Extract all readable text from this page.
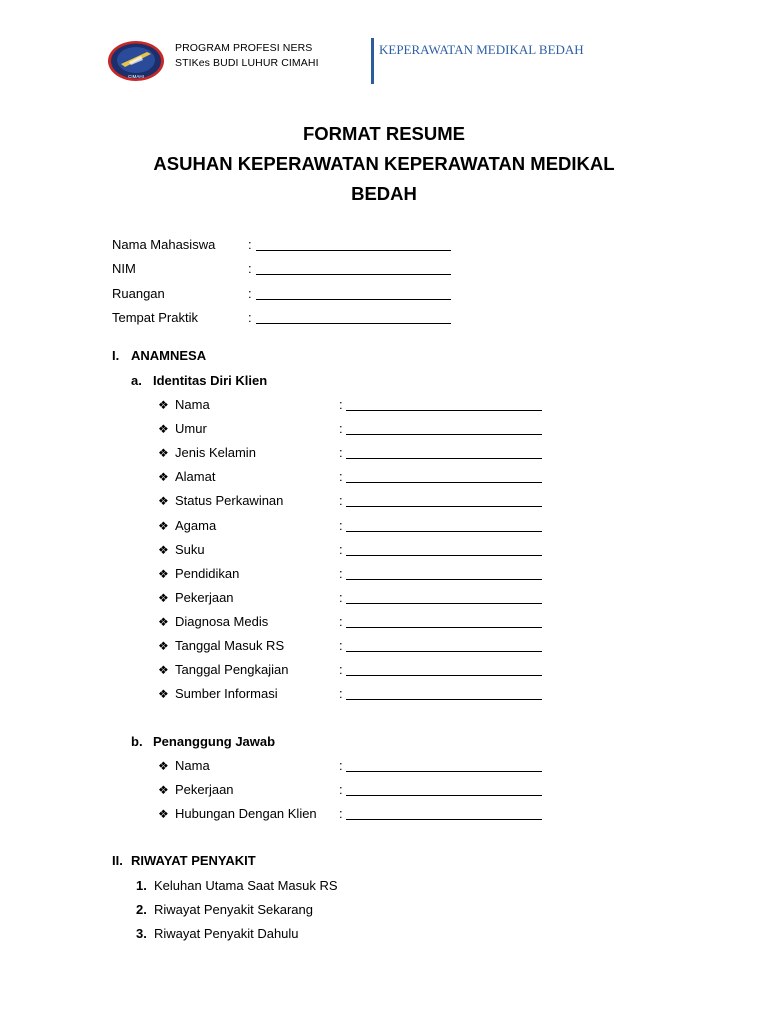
CIMAHI
PROGRAM PROFESI NERS
STIKes BUDI LUHUR CIMAHI
KEPERAWATAN MEDIKAL BEDAH
FORMAT RESUME
ASUHAN KEPERAWATAN KEPERAWATAN MEDIKAL
BEDAH
Nama Mahasiswa	:
NIM	:
Ruangan	:
Tempat Praktik	:
I. ANAMNESA
a. Identitas Diri Klien
❖ Nama	:
❖ Umur	:
❖ Jenis Kelamin	:
❖ Alamat	:
❖ Status Perkawinan	:
❖ Agama	:
❖ Suku	:
❖ Pendidikan	:
❖ Pekerjaan	:
❖ Diagnosa Medis	:
❖ Tanggal Masuk RS	:
❖ Tanggal Pengkajian	:
❖ Sumber Informasi	:
b. Penanggung Jawab
❖ Nama	:
❖ Pekerjaan	:
❖ Hubungan Dengan Klien :
II. RIWAYAT PENYAKIT
1. Keluhan Utama Saat Masuk RS
2. Riwayat Penyakit Sekarang
3. Riwayat Penyakit Dahulu
